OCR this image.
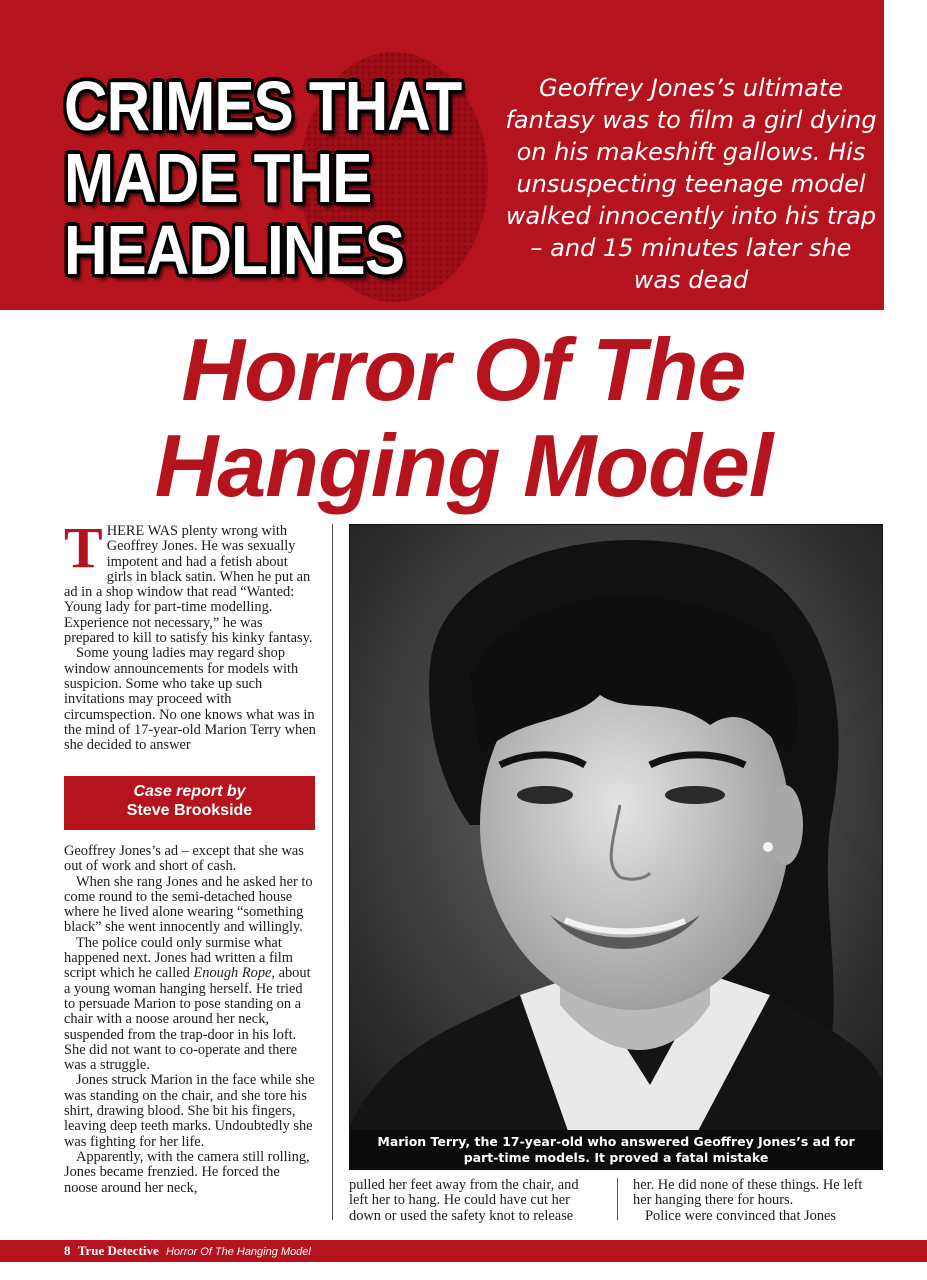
CRIMES THAT
MADE THE
HEADLINES

Geoffrey Jones’s ultimate fantasy was to film a girl dying on his makeshift gallows. His unsuspecting teenage model walked innocently into his trap – and 15 minutes later she was dead

Horror Of The
Hanging Model

THERE WAS plenty wrong with Geoffrey Jones. He was sexually impotent and had a fetish about girls in black satin. When he put an ad in a shop window that read “Wanted: Young lady for part-time modelling. Experience not necessary,” he was prepared to kill to satisfy his kinky fantasy.

Some young ladies may regard shop window announcements for models with suspicion. Some who take up such invitations may proceed with circumspection. No one knows what was in the mind of 17-year-old Marion Terry when she decided to answer

Case report by
Steve Brookside

Geoffrey Jones’s ad – except that she was out of work and short of cash.

When she rang Jones and he asked her to come round to the semi-detached house where he lived alone wearing “something black” she went innocently and willingly.

The police could only surmise what happened next. Jones had written a film script which he called Enough Rope, about a young woman hanging herself. He tried to persuade Marion to pose standing on a chair with a noose around her neck, suspended from the trap-door in his loft. She did not want to co-operate and there was a struggle.

Jones struck Marion in the face while she was standing on the chair, and she tore his shirt, drawing blood. She bit his fingers, leaving deep teeth marks. Undoubtedly she was fighting for her life.

Apparently, with the camera still rolling, Jones became frenzied. He forced the noose around her neck,

Marion Terry, the 17-year-old who answered Geoffrey Jones’s ad for part-time models. It proved a fatal mistake

pulled her feet away from the chair, and left her to hang. He could have cut her down or used the safety knot to release

her. He did none of these things. He left her hanging there for hours.

Police were convinced that Jones

8 True Detective Horror Of The Hanging Model
